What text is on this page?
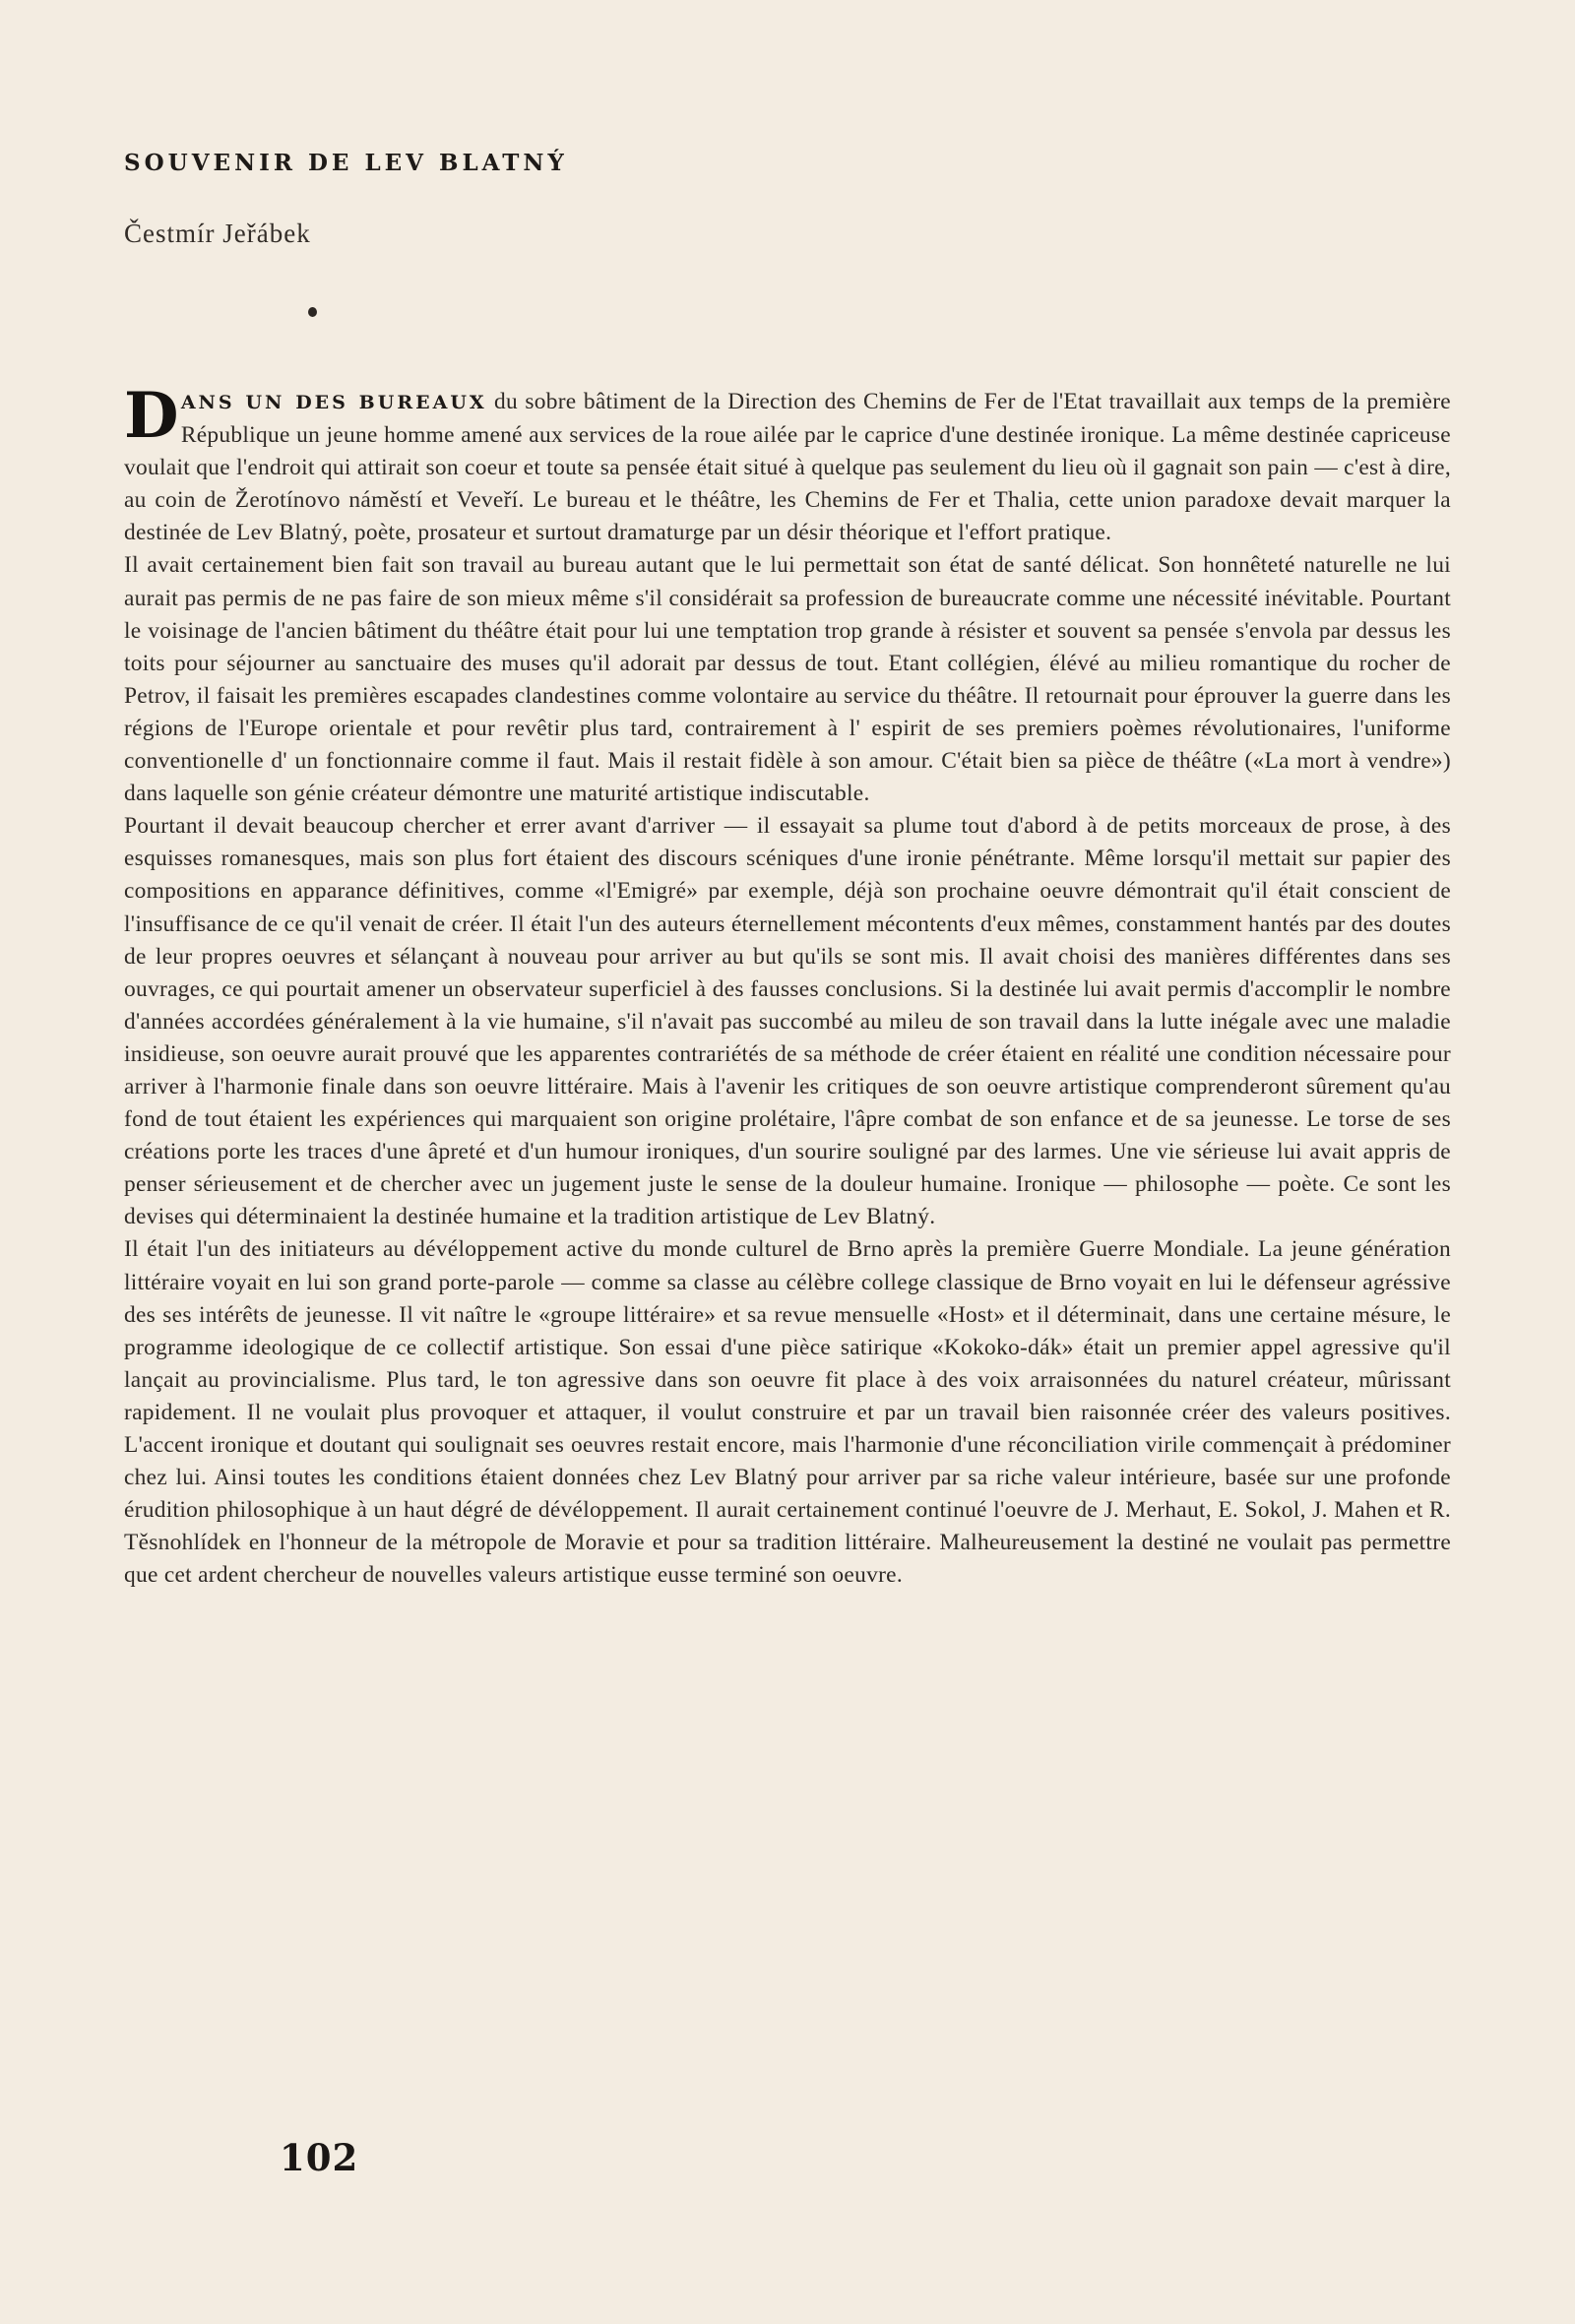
SOUVENIR DE LEV BLATNÝ
Čestmír Jeřábek

DANS UN DES BUREAUX du sobre bâtiment de la Direction des Chemins de Fer de l'Etat travaillait aux temps de la première République un jeune homme amené aux services de la roue ailée par le caprice d'une destinée ironique. La même destinée capriceuse voulait que l'endroit qui attirait son coeur et toute sa pensée était situé à quelque pas seulement du lieu où il gagnait son pain — c'est à dire, au coin de Žerotínovo náměstí et Veveří. Le bureau et le théâtre, les Chemins de Fer et Thalia, cette union paradoxe devait marquer la destinée de Lev Blatný, poète, prosateur et surtout dramaturge par un désir théorique et l'effort pratique.

Il avait certainement bien fait son travail au bureau autant que le lui permettait son état de santé délicat. Son honnêteté naturelle ne lui aurait pas permis de ne pas faire de son mieux même s'il considérait sa profession de bureaucrate comme une nécessité inévitable. Pourtant le voisinage de l'ancien bâtiment du théâtre était pour lui une temptation trop grande à résister et souvent sa pensée s'envola par dessus les toits pour séjourner au sanctuaire des muses qu'il adorait par dessus de tout. Etant collégien, élévé au milieu romantique du rocher de Petrov, il faisait les premières escapades clandestines comme volontaire au service du théâtre. Il retournait pour éprouver la guerre dans les régions de l'Europe orientale et pour revêtir plus tard, contrairement à l' espirit de ses premiers poèmes révolutionaires, l'uniforme conventionelle d' un fonctionnaire comme il faut. Mais il restait fidèle à son amour. C'était bien sa pièce de théâtre («La mort à vendre») dans laquelle son génie créateur démontre une maturité artistique indiscutable.

Pourtant il devait beaucoup chercher et errer avant d'arriver — il essayait sa plume tout d'abord à de petits morceaux de prose, à des esquisses romanesques, mais son plus fort étaient des discours scéniques d'une ironie pénétrante. Même lorsqu'il mettait sur papier des compositions en apparance définitives, comme «l'Emigré» par exemple, déjà son prochaine oeuvre démontrait qu'il était conscient de l'insuffisance de ce qu'il venait de créer. Il était l'un des auteurs éternellement mécontents d'eux mêmes, constamment hantés par des doutes de leur propres oeuvres et sélançant à nouveau pour arriver au but qu'ils se sont mis. Il avait choisi des manières différentes dans ses ouvrages, ce qui pourtait amener un observateur superficiel à des fausses conclusions. Si la destinée lui avait permis d'accomplir le nombre d'années accordées généralement à la vie humaine, s'il n'avait pas succombé au mileu de son travail dans la lutte inégale avec une maladie insidieuse, son oeuvre aurait prouvé que les apparentes contrariétés de sa méthode de créer étaient en réalité une condition nécessaire pour arriver à l'harmonie finale dans son oeuvre littéraire. Mais à l'avenir les critiques de son oeuvre artistique comprenderont sûrement qu'au fond de tout étaient les expériences qui marquaient son origine prolétaire, l'âpre combat de son enfance et de sa jeunesse. Le torse de ses créations porte les traces d'une âpreté et d'un humour ironiques, d'un sourire souligné par des larmes. Une vie sérieuse lui avait appris de penser sérieusement et de chercher avec un jugement juste le sense de la douleur humaine. Ironique — philosophe — poète. Ce sont les devises qui déterminaient la destinée humaine et la tradition artistique de Lev Blatný.

Il était l'un des initiateurs au dévéloppement active du monde culturel de Brno après la première Guerre Mondiale. La jeune génération littéraire voyait en lui son grand porte-parole — comme sa classe au célèbre college classique de Brno voyait en lui le défenseur agréssive des ses intérêts de jeunesse. Il vit naître le «groupe littéraire» et sa revue mensuelle «Host» et il déterminait, dans une certaine mésure, le programme ideologique de ce collectif artistique. Son essai d'une pièce satirique «Kokoko-dák» était un premier appel agressive qu'il lançait au provincialisme. Plus tard, le ton agressive dans son oeuvre fit place à des voix arraisonnées du naturel créateur, mûrissant rapidement. Il ne voulait plus provoquer et attaquer, il voulut construire et par un travail bien raisonnée créer des valeurs positives. L'accent ironique et doutant qui soulignait ses oeuvres restait encore, mais l'harmonie d'une réconciliation virile commençait à prédominer chez lui. Ainsi toutes les conditions étaient données chez Lev Blatný pour arriver par sa riche valeur intérieure, basée sur une profonde érudition philosophique à un haut dégré de dévéloppement. Il aurait certainement continué l'oeuvre de J. Merhaut, E. Sokol, J. Mahen et R. Těsnohlídek en l'honneur de la métropole de Moravie et pour sa tradition littéraire. Malheureusement la destiné ne voulait pas permettre que cet ardent chercheur de nouvelles valeurs artistique eusse terminé son oeuvre.

102
